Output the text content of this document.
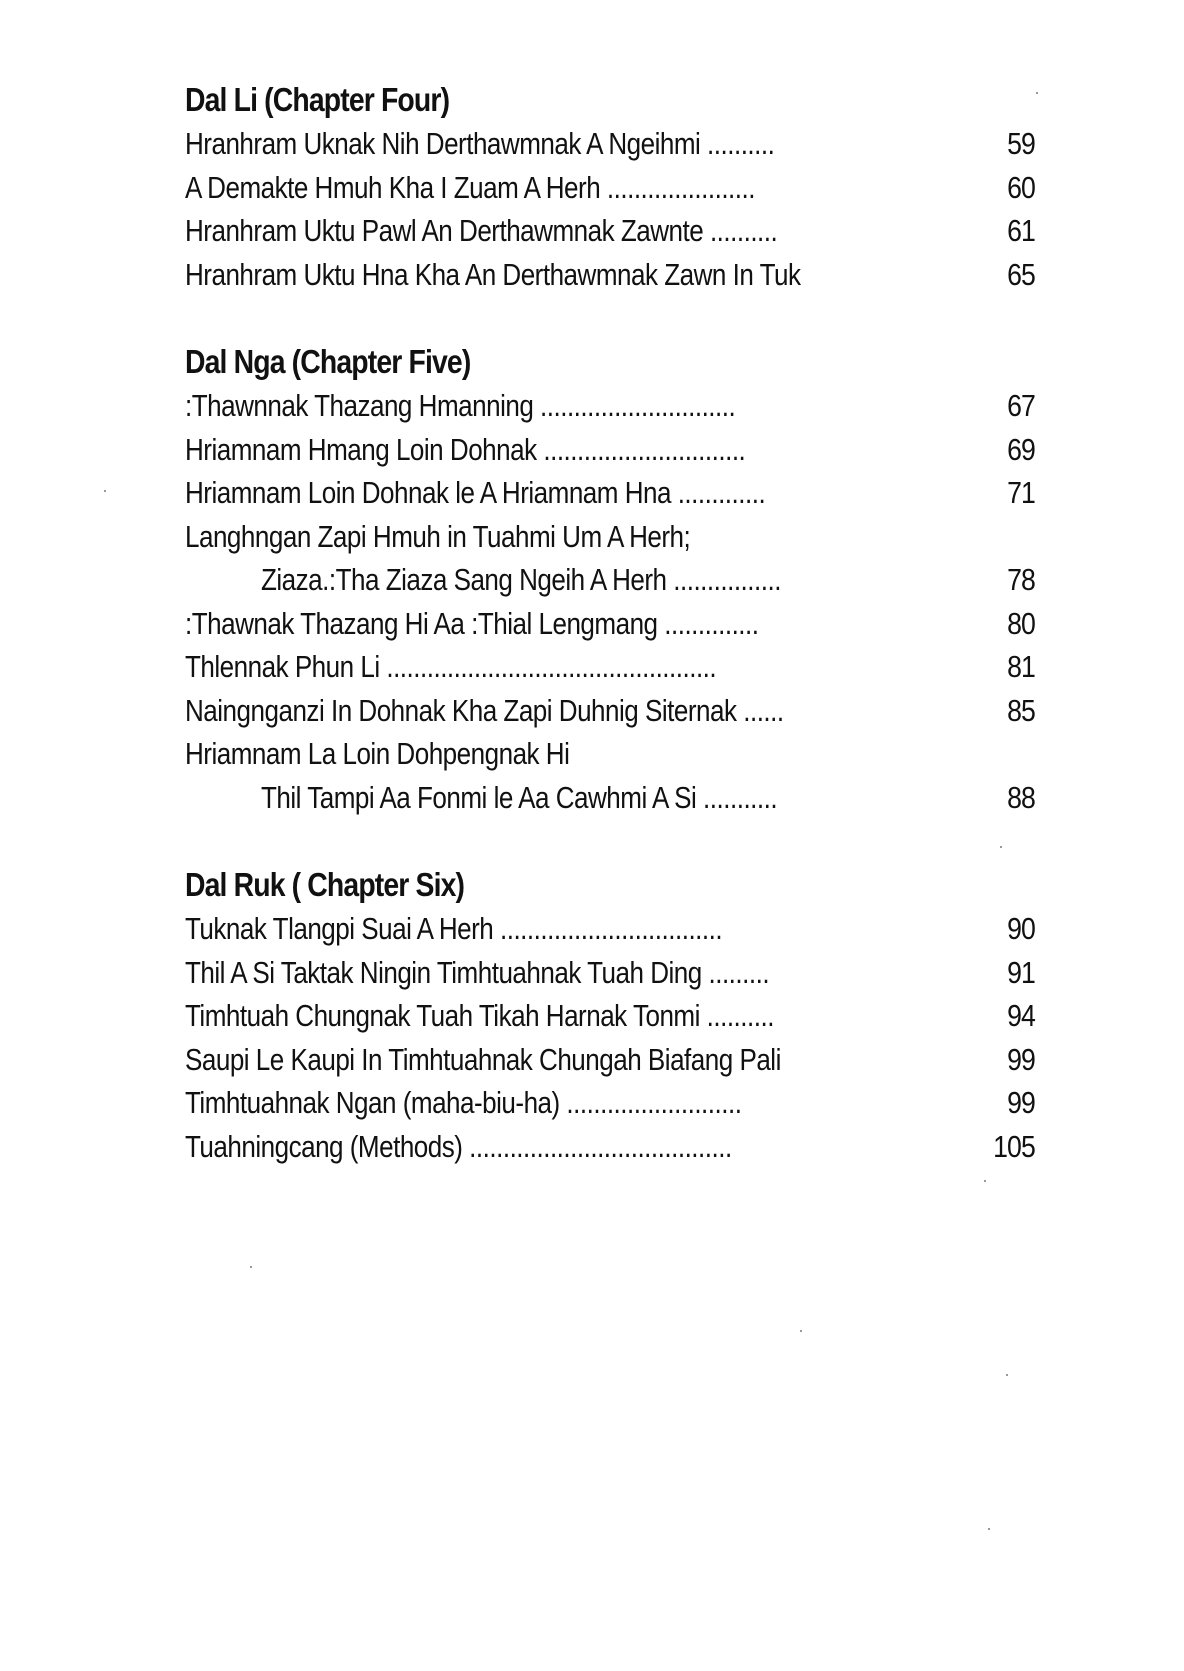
Dal Li (Chapter Four)
Hranhram Uknak Nih Derthawmnak A Ngeihmi ..........	59
A Demakte Hmuh Kha I Zuam A Herh ......................	60
Hranhram Uktu Pawl An Derthawmnak Zawnte ..........	61
Hranhram Uktu Hna Kha An Derthawmnak Zawn In Tuk	65
Dal Nga (Chapter Five)
:Thawnnak Thazang Hmanning .............................	67
Hriamnam Hmang Loin Dohnak ..............................	69
Hriamnam Loin Dohnak le A Hriamnam Hna .............	71
Langhngan Zapi Hmuh in Tuahmi Um A Herh;
Ziaza.:Tha Ziaza Sang Ngeih A Herh ................	78
:Thawnak Thazang Hi Aa :Thial Lengmang ..............	80
Thlennak Phun Li .................................................	81
Naingnganzi In Dohnak Kha Zapi Duhnig Siternak ......	85
Hriamnam La Loin Dohpengnak Hi
Thil Tampi Aa Fonmi le Aa Cawhmi A Si ...........	88
Dal Ruk ( Chapter Six)
Tuknak Tlangpi Suai A Herh .................................	90
Thil A Si Taktak Ningin Timhtuahnak Tuah Ding .........	91
Timhtuah Chungnak Tuah Tikah Harnak Tonmi ..........	94
Saupi Le Kaupi In Timhtuahnak Chungah Biafang Pali	99
Timhtuahnak Ngan (maha-biu-ha) ..........................	99
Tuahningcang (Methods) .......................................	105
